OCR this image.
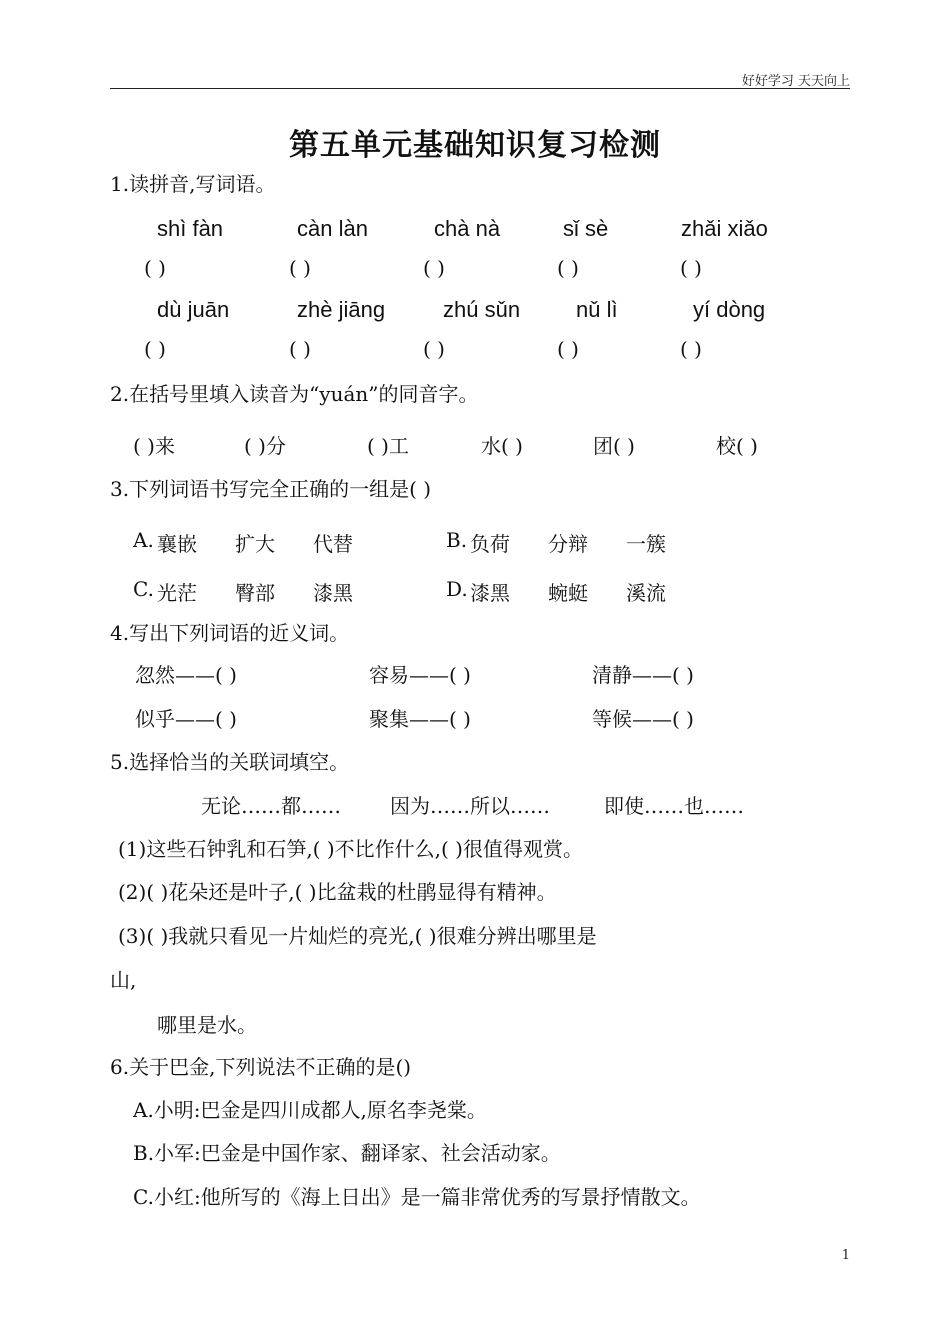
好好学习 天天向上
第五单元基础知识复习检测
1.读拼音,写词语。
shì fàn	càn làn	chà nà	sǐ sè	zhǎi xiǎo
( )	( )	( )	( )	( )
dù juān	zhè jiāng	zhú sǔn	nǔ lì	yí dòng
( )	( )	( )	( )	( )
2.在括号里填入读音为“yuán”的同音字。
( )来	( )分	( )工	水( )	团( )	校( )
3.下列词语书写完全正确的一组是( )
A. 襄嵌 扩大 代替	B. 负荷 分辩 一簇
C. 光茫 臀部 漆黑	D. 漆黑 蜿蜓 溪流
4.写出下列词语的近义词。
忽然——( )	容易——( )	清静——( )
似乎——( )	聚集——( )	等候——( )
5.选择恰当的关联词填空。
无论……都…… 因为……所以……	即使……也……
(1)这些石钟乳和石笋,( )不比作什么,( )很值得观赏。
(2)( )花朵还是叶子,( )比盆栽的杜鹃显得有精神。
(3)( )我就只看见一片灿烂的亮光,( )很难分辨出哪里是
山,
哪里是水。
6.关于巴金,下列说法不正确的是()
A.小明:巴金是四川成都人,原名李尧棠。
B.小军:巴金是中国作家、翻译家、社会活动家。
C.小红:他所写的《海上日出》是一篇非常优秀的写景抒情散文。
1
